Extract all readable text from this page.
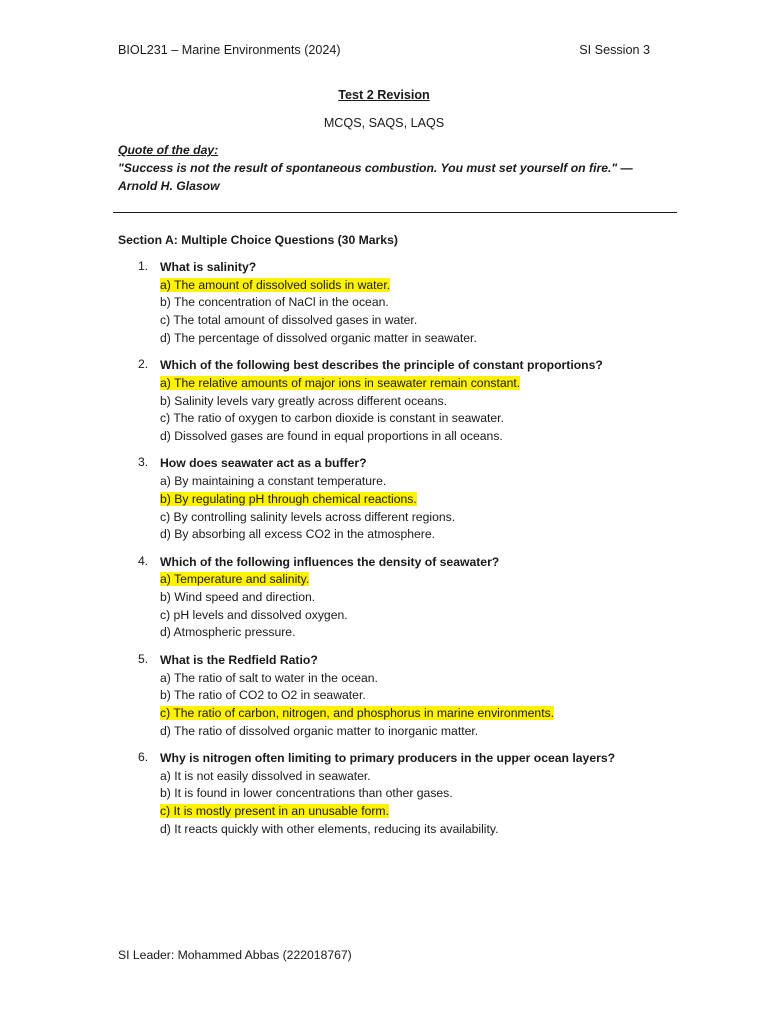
BIOL231 – Marine Environments (2024)	SI Session 3
Test 2 Revision
MCQS, SAQS, LAQS
Quote of the day:
"Success is not the result of spontaneous combustion. You must set yourself on fire." — Arnold H. Glasow
Section A: Multiple Choice Questions (30 Marks)
1. What is salinity?
a) The amount of dissolved solids in water.
b) The concentration of NaCl in the ocean.
c) The total amount of dissolved gases in water.
d) The percentage of dissolved organic matter in seawater.
2. Which of the following best describes the principle of constant proportions?
a) The relative amounts of major ions in seawater remain constant.
b) Salinity levels vary greatly across different oceans.
c) The ratio of oxygen to carbon dioxide is constant in seawater.
d) Dissolved gases are found in equal proportions in all oceans.
3. How does seawater act as a buffer?
a) By maintaining a constant temperature.
b) By regulating pH through chemical reactions.
c) By controlling salinity levels across different regions.
d) By absorbing all excess CO2 in the atmosphere.
4. Which of the following influences the density of seawater?
a) Temperature and salinity.
b) Wind speed and direction.
c) pH levels and dissolved oxygen.
d) Atmospheric pressure.
5. What is the Redfield Ratio?
a) The ratio of salt to water in the ocean.
b) The ratio of CO2 to O2 in seawater.
c) The ratio of carbon, nitrogen, and phosphorus in marine environments.
d) The ratio of dissolved organic matter to inorganic matter.
6. Why is nitrogen often limiting to primary producers in the upper ocean layers?
a) It is not easily dissolved in seawater.
b) It is found in lower concentrations than other gases.
c) It is mostly present in an unusable form.
d) It reacts quickly with other elements, reducing its availability.
SI Leader: Mohammed Abbas (222018767)
